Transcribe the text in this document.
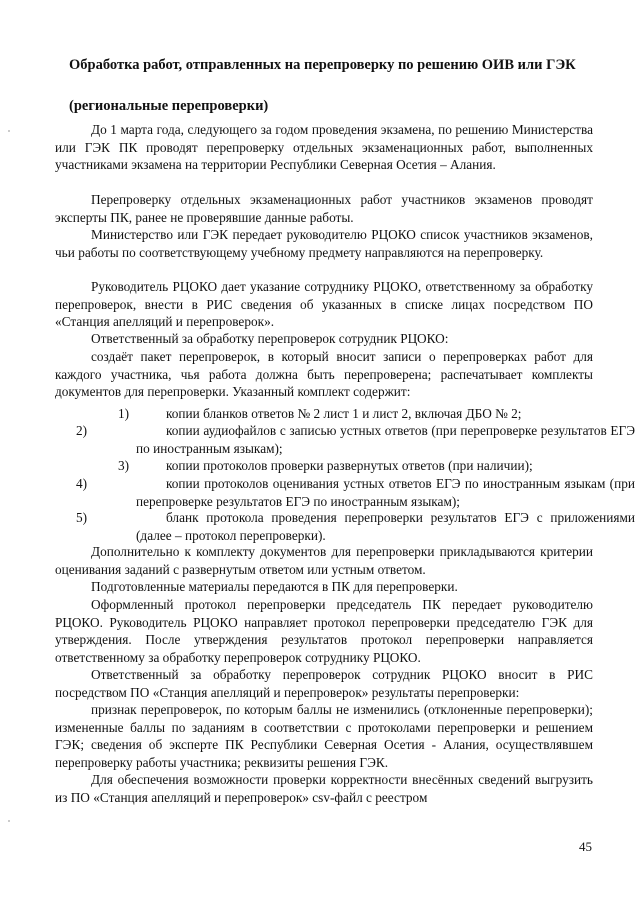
Обработка работ, отправленных на перепроверку по решению ОИВ или ГЭК
(региональные перепроверки)
До 1 марта года, следующего за годом проведения экзамена, по решению Министерства или ГЭК ПК проводят перепроверку отдельных экзаменационных работ, выполненных участниками экзамена на территории Республики Северная Осетия – Алания.
Перепроверку отдельных экзаменационных работ участников экзаменов проводят эксперты ПК, ранее не проверявшие данные работы.
Министерство или ГЭК передает руководителю РЦОКО список участников экзаменов, чьи работы по соответствующему учебному предмету направляются на перепроверку.
Руководитель РЦОКО дает указание сотруднику РЦОКО, ответственному за обработку перепроверок, внести в РИС сведения об указанных в списке лицах посредством ПО «Станция апелляций и перепроверок».
Ответственный за обработку перепроверок сотрудник РЦОКО:
создаёт пакет перепроверок, в который вносит записи о перепроверках работ для каждого участника, чья работа должна быть перепроверена; распечатывает комплекты документов для перепроверки. Указанный комплект содержит:
1)	копии бланков ответов № 2 лист 1 и лист 2, включая ДБО № 2;
2)	копии аудиофайлов с записью устных ответов (при перепроверке результатов ЕГЭ по иностранным языкам);
3)	копии протоколов проверки развернутых ответов (при наличии);
4)	копии протоколов оценивания устных ответов ЕГЭ по иностранным языкам (при перепроверке результатов ЕГЭ по иностранным языкам);
5)	бланк протокола проведения перепроверки результатов ЕГЭ с приложениями (далее – протокол перепроверки).
Дополнительно к комплекту документов для перепроверки прикладываются критерии оценивания заданий с развернутым ответом или устным ответом.
Подготовленные материалы передаются в ПК для перепроверки.
Оформленный протокол перепроверки председатель ПК передает руководителю РЦОКО. Руководитель РЦОКО направляет протокол перепроверки председателю ГЭК для утверждения. После утверждения результатов протокол перепроверки направляется ответственному за обработку перепроверок сотруднику РЦОКО.
Ответственный за обработку перепроверок сотрудник РЦОКО вносит в РИС посредством ПО «Станция апелляций и перепроверок» результаты перепроверки:
признак перепроверок, по которым баллы не изменились (отклоненные перепроверки); измененные баллы по заданиям в соответствии с протоколами перепроверки и решением ГЭК; сведения об эксперте ПК Республики Северная Осетия - Алания, осуществлявшем перепроверку работы участника; реквизиты решения ГЭК.
Для обеспечения возможности проверки корректности внесённых сведений выгрузить из ПО «Станция апелляций и перепроверок» csv-файл с реестром
45
